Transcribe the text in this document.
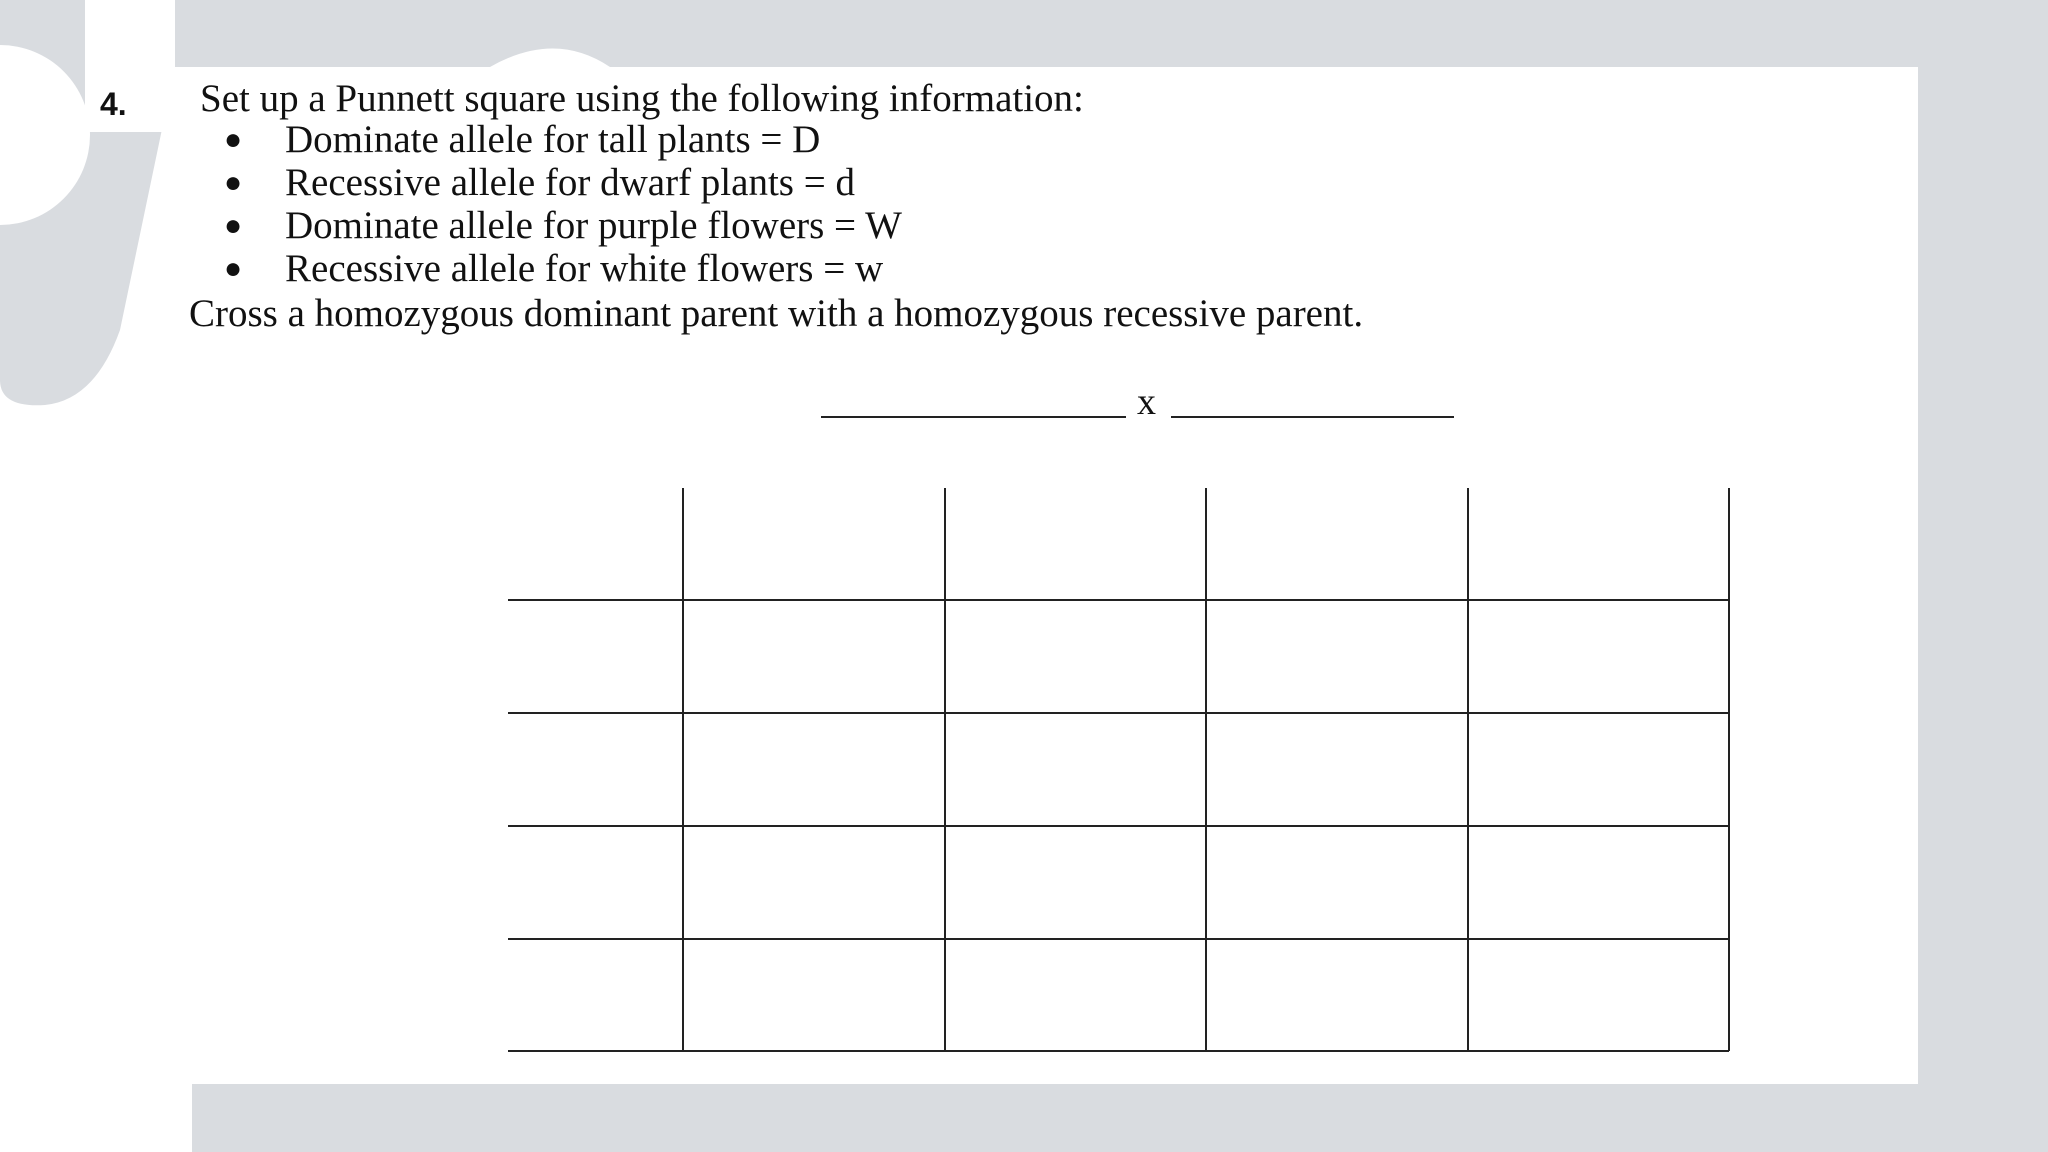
4. Set up a Punnett square using the following information:
● Dominate allele for tall plants = D
● Recessive allele for dwarf plants = d
● Dominate allele for purple flowers = W
● Recessive allele for white flowers = w
Cross a homozygous dominant parent with a homozygous recessive parent.
x
